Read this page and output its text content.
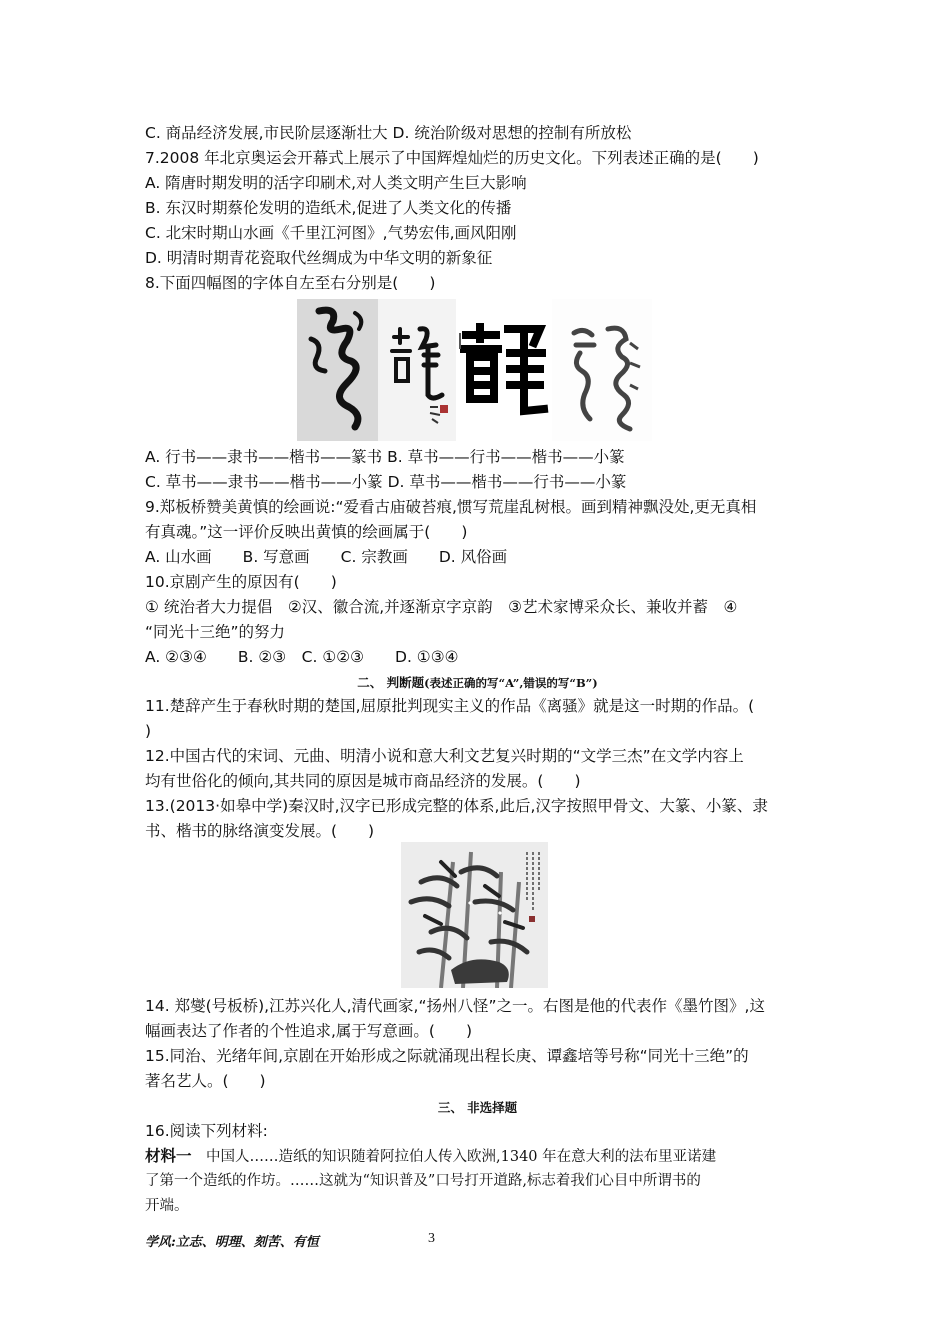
C. 商品经济发展,市民阶层逐渐壮大 D. 统治阶级对思想的控制有所放松
7.2008 年北京奥运会开幕式上展示了中国辉煌灿烂的历史文化。下列表述正确的是(　　)
A. 隋唐时期发明的活字印刷术,对人类文明产生巨大影响
B. 东汉时期蔡伦发明的造纸术,促进了人类文化的传播
C. 北宋时期山水画《千里江河图》,气势宏伟,画风阳刚
D. 明清时期青花瓷取代丝绸成为中华文明的新象征
8.下面四幅图的字体自左至右分别是(　　)
A. 行书——隶书——楷书——篆书 B. 草书——行书——楷书——小篆
C. 草书——隶书——楷书——小篆 D. 草书——楷书——行书——小篆
9.郑板桥赞美黄慎的绘画说:“爱看古庙破苔痕,惯写荒崖乱树根。画到精神飘没处,更无真相
有真魂。”这一评价反映出黄慎的绘画属于(　　)
A. 山水画　　B. 写意画　　C. 宗教画　　D. 风俗画
10.京剧产生的原因有(　　)
① 统治者大力提倡　②汉、徽合流,并逐渐京字京韵　③艺术家博采众长、兼收并蓄　④
“同光十三绝”的努力
A. ②③④　　B. ②③　C. ①②③　　D. ①③④
二、 判断题(表述正确的写“A”,错误的写“B”)
11.楚辞产生于春秋时期的楚国,屈原批判现实主义的作品《离骚》就是这一时期的作品。(
)
12.中国古代的宋词、元曲、明清小说和意大利文艺复兴时期的“文学三杰”在文学内容上
均有世俗化的倾向,其共同的原因是城市商品经济的发展。(　　)
13.(2013·如皋中学)秦汉时,汉字已形成完整的体系,此后,汉字按照甲骨文、大篆、小篆、隶
书、楷书的脉络演变发展。(　　)
14. 郑燮(号板桥),江苏兴化人,清代画家,“扬州八怪”之一。右图是他的代表作《墨竹图》,这
幅画表达了作者的个性追求,属于写意画。(　　)
15.同治、光绪年间,京剧在开始形成之际就涌现出程长庚、谭鑫培等号称“同光十三绝”的
著名艺人。(　　)
三、 非选择题
16.阅读下列材料:
材料一　中国人……造纸的知识随着阿拉伯人传入欧洲,1340 年在意大利的法布里亚诺建
了第一个造纸的作坊。……这就为“知识普及”口号打开道路,标志着我们心目中所谓书的
开端。
学风:立志、明理、刻苦、有恒	3
